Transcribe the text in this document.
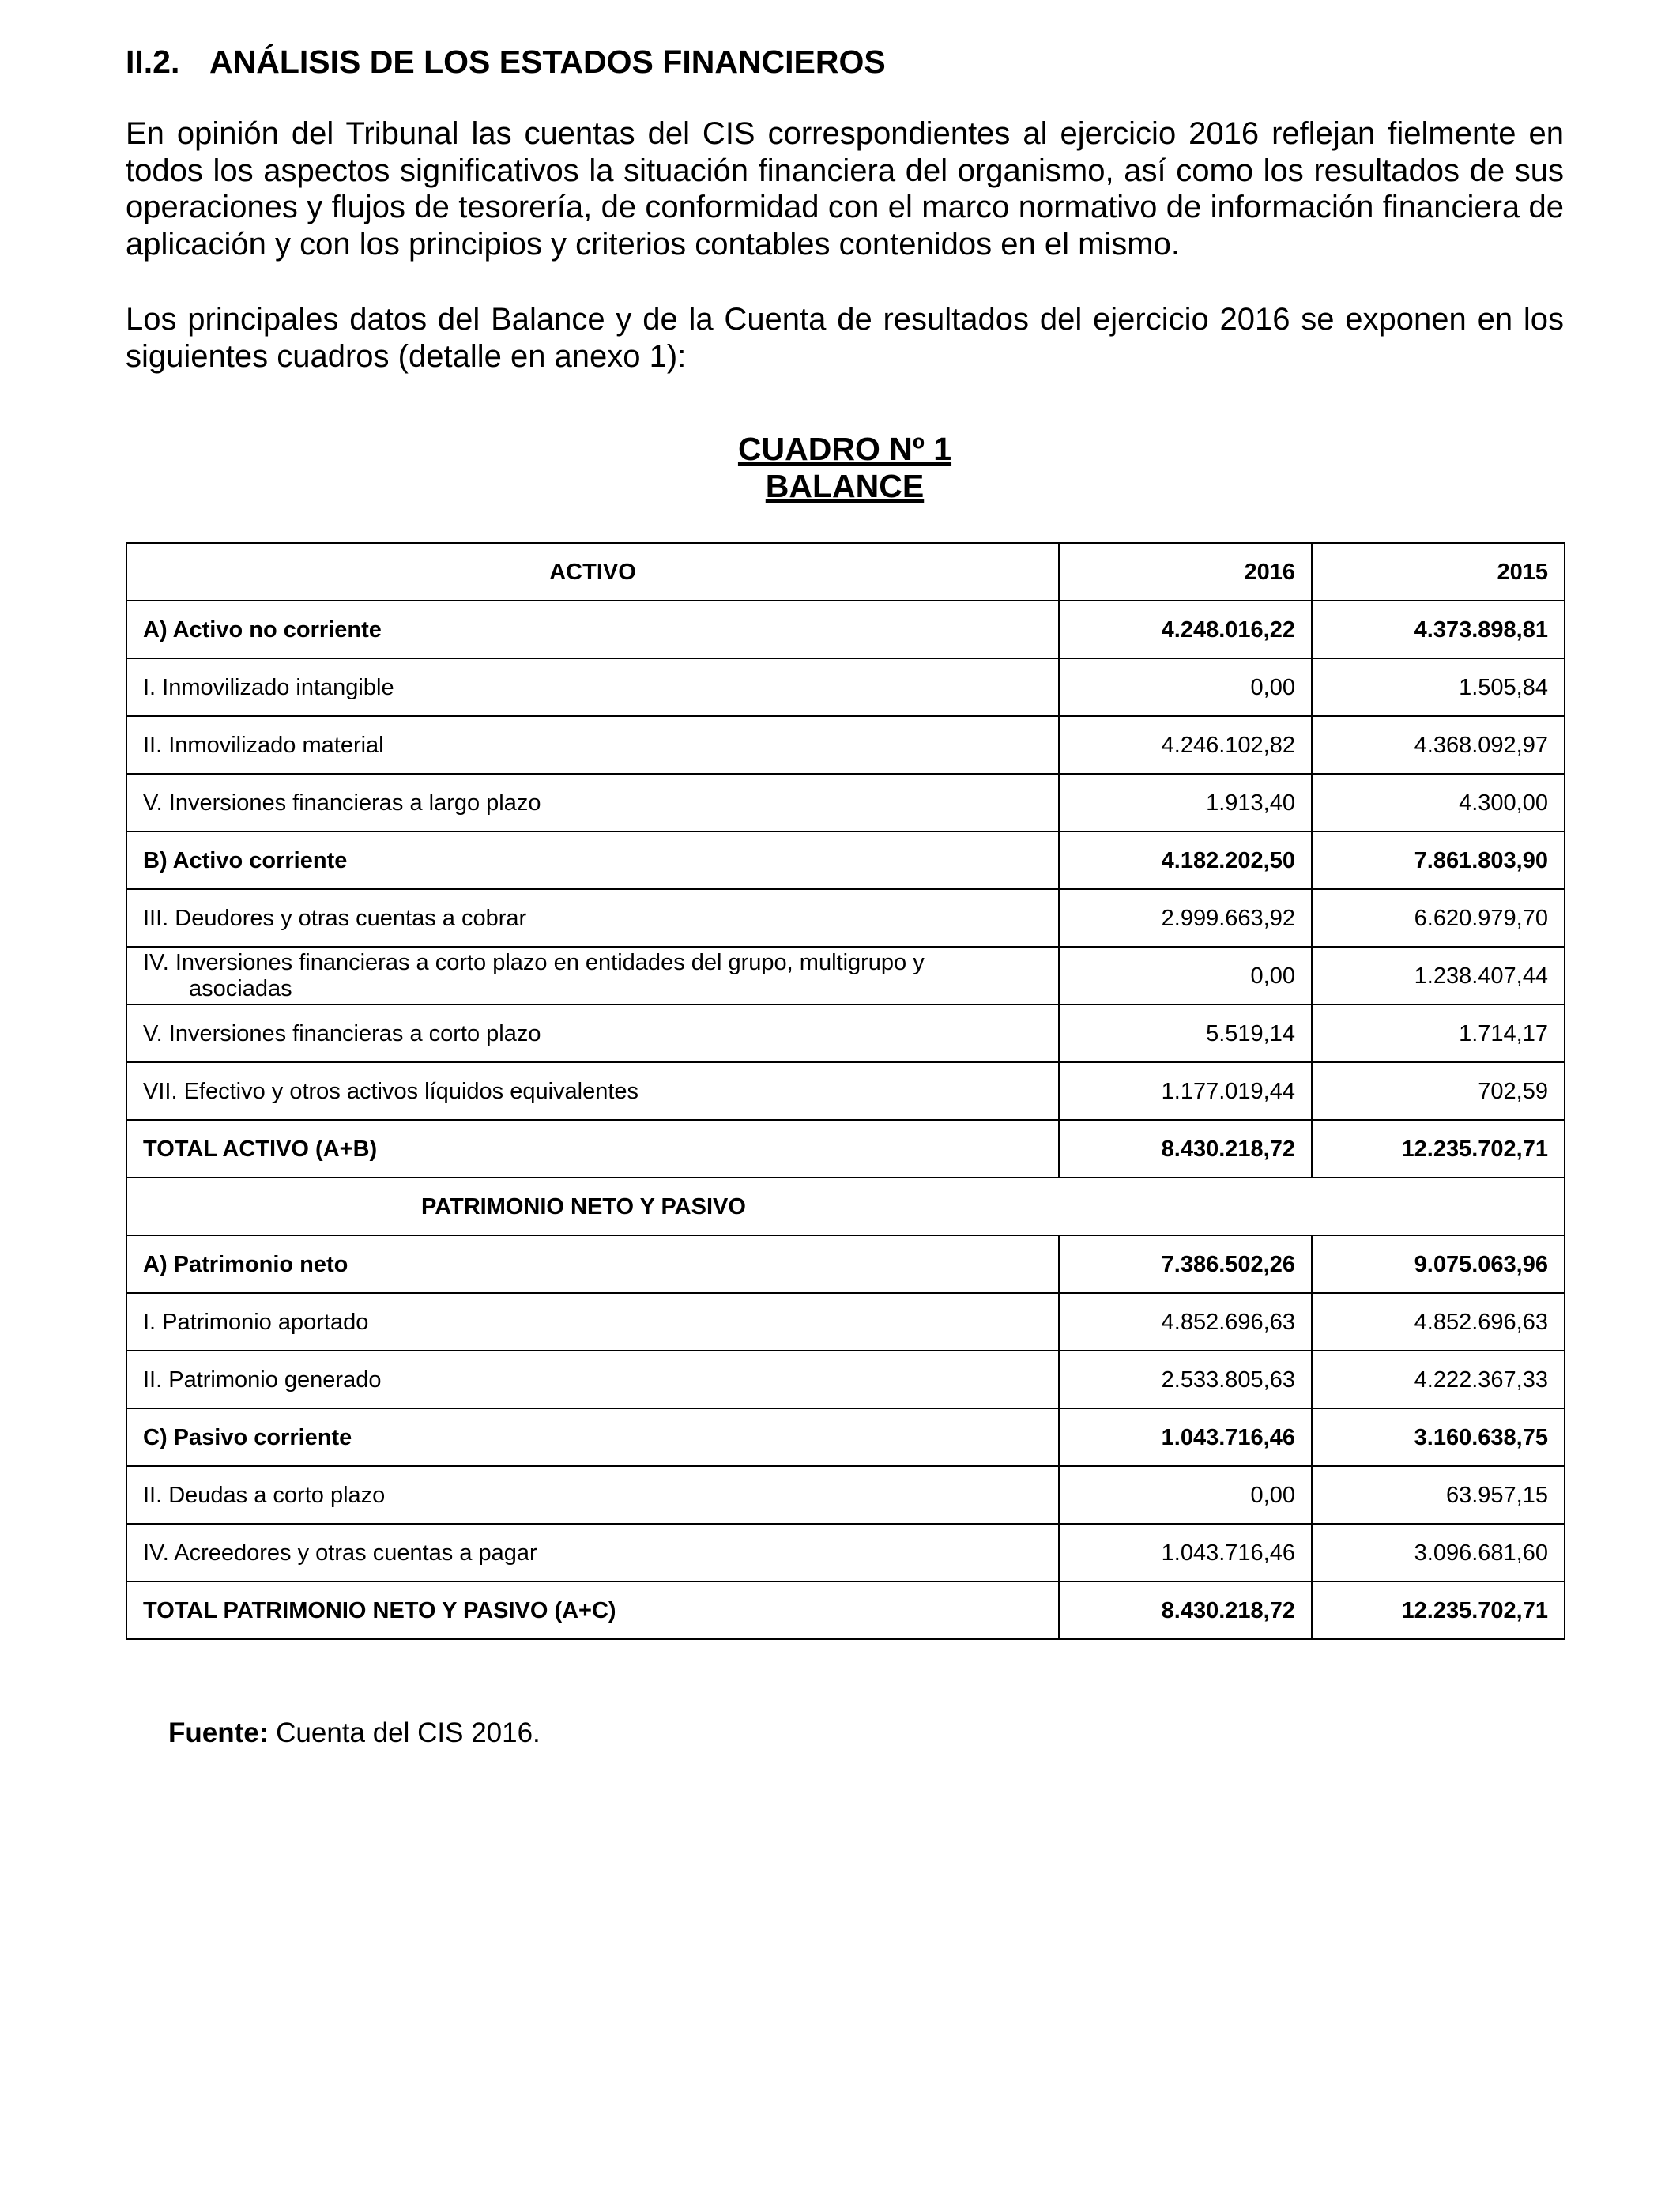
II.2. ANÁLISIS DE LOS ESTADOS FINANCIEROS
En opinión del Tribunal las cuentas del CIS correspondientes al ejercicio 2016 reflejan fielmente en todos los aspectos significativos la situación financiera del organismo, así como los resultados de sus operaciones y flujos de tesorería, de conformidad con el marco normativo de información financiera de aplicación y con los principios y criterios contables contenidos en el mismo.
Los principales datos del Balance y de la Cuenta de resultados del ejercicio 2016 se exponen en los siguientes cuadros (detalle en anexo 1):
CUADRO Nº 1
BALANCE
ACTIVO	2016	2015
A) Activo no corriente	4.248.016,22	4.373.898,81
I. Inmovilizado intangible	0,00	1.505,84
II. Inmovilizado material	4.246.102,82	4.368.092,97
V. Inversiones financieras a largo plazo	1.913,40	4.300,00
B) Activo corriente	4.182.202,50	7.861.803,90
III. Deudores y otras cuentas a cobrar	2.999.663,92	6.620.979,70
IV. Inversiones financieras a corto plazo en entidades del grupo, multigrupo y
asociadas	0,00	1.238.407,44
V. Inversiones financieras a corto plazo	5.519,14	1.714,17
VII. Efectivo y otros activos líquidos equivalentes	1.177.019,44	702,59
TOTAL ACTIVO (A+B)	8.430.218,72	12.235.702,71
PATRIMONIO NETO Y PASIVO		
A) Patrimonio neto	7.386.502,26	9.075.063,96
I. Patrimonio aportado	4.852.696,63	4.852.696,63
II. Patrimonio generado	2.533.805,63	4.222.367,33
C) Pasivo corriente	1.043.716,46	3.160.638,75
II. Deudas a corto plazo	0,00	63.957,15
IV. Acreedores y otras cuentas a pagar	1.043.716,46	3.096.681,60
TOTAL PATRIMONIO NETO Y PASIVO (A+C)	8.430.218,72	12.235.702,71
Fuente: Cuenta del CIS 2016.
